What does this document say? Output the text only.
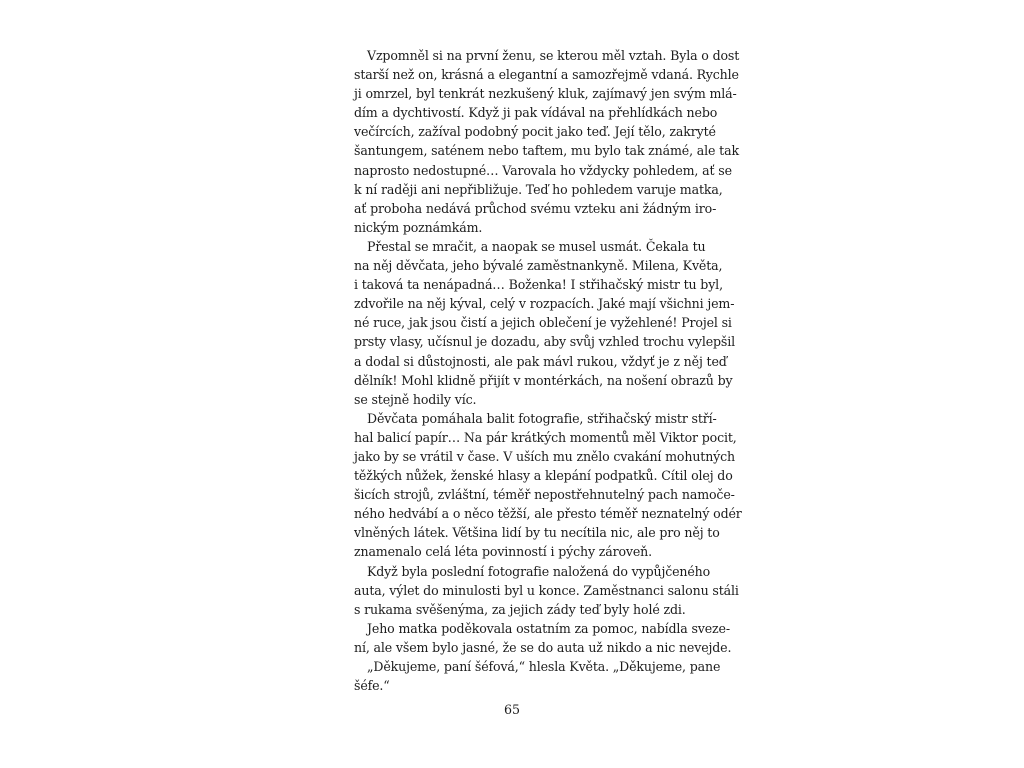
Vzpomněl si na první ženu, se kterou měl vztah. Byla o dost
starší než on, krásná a elegantní a samozřejmě vdaná. Rychle
ji omrzel, byl tenkrát nezkušený kluk, zajímavý jen svým mlá-
dím a dychtivostí. Když ji pak vídával na přehlídkách nebo
večírcích, zažíval podobný pocit jako teď. Její tělo, zakryté
šantungem, saténem nebo taftem, mu bylo tak známé, ale tak
naprosto nedostupné… Varovala ho vždycky pohledem, ať se
k ní raději ani nepřibližuje. Teď ho pohledem varuje matka,
ať proboha nedává průchod svému vzteku ani žádným iro-
nickým poznámkám.

Přestal se mračit, a naopak se musel usmát. Čekala tu
na něj děvčata, jeho bývalé zaměstnankyně. Milena, Květa,
i taková ta nenápadná… Boženka! I střihačský mistr tu byl,
zdvořile na něj kýval, celý v rozpacích. Jaké mají všichni jem-
né ruce, jak jsou čistí a jejich oblečení je vyžehlené! Projel si
prsty vlasy, učísnul je dozadu, aby svůj vzhled trochu vylepšil
a dodal si důstojnosti, ale pak mávl rukou, vždyť je z něj teď
dělník! Mohl klidně přijít v montérkách, na nošení obrazů by
se stejně hodily víc.

Děvčata pomáhala balit fotografie, střihačský mistr stří-
hal balicí papír… Na pár krátkých momentů měl Viktor pocit,
jako by se vrátil v čase. V uších mu znělo cvakání mohutných
těžkých nůžek, ženské hlasy a klepání podpatků. Cítil olej do
šicích strojů, zvláštní, téměř nepostřehnutelný pach namoče-
ného hedvábí a o něco těžší, ale přesto téměř neznatelný odér
vlněných látek. Většina lidí by tu necítila nic, ale pro něj to
znamenalo celá léta povinností i pýchy zároveň.

Když byla poslední fotografie naložená do vypůjčeného
auta, výlet do minulosti byl u konce. Zaměstnanci salonu stáli
s rukama svěšenýma, za jejich zády teď byly holé zdi.

Jeho matka poděkovala ostatním za pomoc, nabídla sveze-
ní, ale všem bylo jasné, že se do auta už nikdo a nic nevejde.

„Děkujeme, paní šéfová,“ hlesla Květa. „Děkujeme, pane
šéfe.“

65
